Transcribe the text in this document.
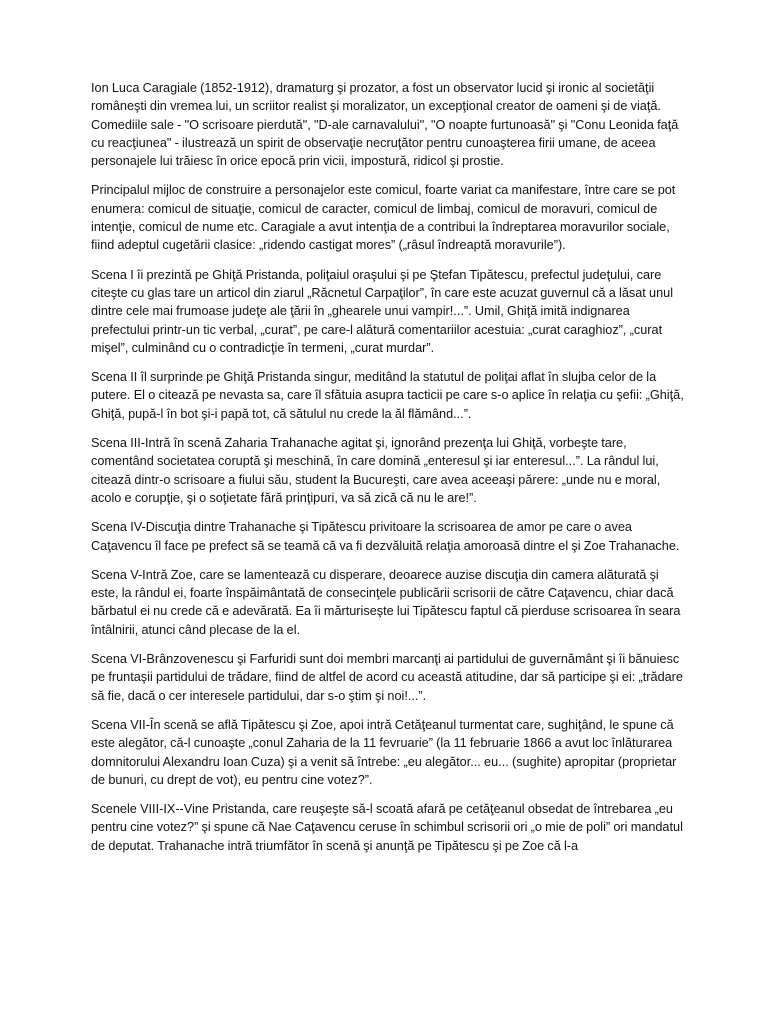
Ion Luca Caragiale (1852-1912), dramaturg şi prozator, a fost un observator lucid şi ironic al societăţii româneşti din vremea lui, un scriitor realist şi moralizator, un excepţional creator de oameni şi de viaţă. Comediile sale - "O scrisoare pierdută", "D-ale carnavalului", "O noapte furtunoasă" şi "Conu Leonida faţă cu reacţiunea" - ilustrează un spirit de observaţie necruţător pentru cunoaşterea firii umane, de aceea personajele lui trăiesc în orice epocă prin vicii, impostură, ridicol şi prostie.

Principalul mijloc de construire a personajelor este comicul, foarte variat ca manifestare, între care se pot enumera: comicul de situaţie, comicul de caracter, comicul de limbaj, comicul de moravuri, comicul de intenţie, comicul de nume etc. Caragiale a avut intenţia de a contribui la îndreptarea moravurilor sociale, fiind adeptul cugetării clasice: „ridendo castigat mores” („râsul îndreaptă moravurile”).

Scena I îi prezintă pe Ghiţă Pristanda, poliţaiul oraşului şi pe Ştefan Tipătescu, prefectul judeţului, care citeşte cu glas tare un articol din ziarul „Răcnetul Carpaţilor”, în care este acuzat guvernul că a lăsat unul dintre cele mai frumoase judeţe ale ţării în „ghearele unui vampir!...”. Umil, Ghiţă imită indignarea prefectului printr-un tic verbal, „curat”, pe care-l alătură comentariilor acestuia: „curat caraghioz”, „curat mişel”, culminând cu o contradicţie în termeni, „curat murdar”.

Scena II îl surprinde pe Ghiţă Pristanda singur, meditând la statutul de poliţai aflat în slujba celor de la putere. El o citează pe nevasta sa, care îl sfătuia asupra tacticii pe care s-o aplice în relaţia cu şefii: „Ghiţă, Ghiţă, pupă-l în bot şi-i papă tot, că sătulul nu crede la ăl flămând...”.

Scena III-Intră în scenă Zaharia Trahanache agitat şi, ignorând prezenţa lui Ghiţă, vorbeşte tare, comentând societatea coruptă şi meschină, în care domină „enteresul şi iar enteresul...”. La rândul lui, citează dintr-o scrisoare a fiului său, student la Bucureşti, care avea aceeaşi părere: „unde nu e moral, acolo e corupţie, şi o soţietate fără prinţipuri, va să zică că nu le are!”.

Scena IV-Discuţia dintre Trahanache şi Tipătescu privitoare la scrisoarea de amor pe care o avea Caţavencu îl face pe prefect să se teamă că va fi dezvăluită relaţia amoroasă dintre el şi Zoe Trahanache.

Scena V-Intră Zoe, care se lamentează cu disperare, deoarece auzise discuţia din camera alăturată şi este, la rândul ei, foarte înspăimântată de consecinţele publicării scrisorii de către Caţavencu, chiar dacă bărbatul ei nu crede că e adevărată. Ea îi mărturiseşte lui Tipătescu faptul că pierduse scrisoarea în seara întâlnirii, atunci când plecase de la el.

Scena VI-Brânzovenescu şi Farfuridi sunt doi membri marcanţi ai partidului de guvernământ şi îi bănuiesc pe fruntaşii partidului de trădare, fiind de altfel de acord cu această atitudine, dar să participe şi ei: „trădare să fie, dacă o cer interesele partidului, dar s-o ştim şi noi!...”.

Scena VII-În scenă se află Tipătescu şi Zoe, apoi intră Cetăţeanul turmentat care, sughiţând, le spune că este alegător, că-l cunoaşte „conul Zaharia de la 11 fevruarie” (la 11 februarie 1866 a avut loc înlăturarea domnitorului Alexandru Ioan Cuza) şi a venit să întrebe: „eu alegător... eu... (sughite) apropitar (proprietar de bunuri, cu drept de vot), eu pentru cine votez?”.

Scenele VIII-IX--Vine Pristanda, care reuşeşte să-l scoată afară pe cetăţeanul obsedat de întrebarea „eu pentru cine votez?” şi spune că Nae Caţavencu ceruse în schimbul scrisorii ori „o mie de poli” ori mandatul de deputat. Trahanache intră triumfător în scenă şi anunţă pe Tipătescu şi pe Zoe că l-a
